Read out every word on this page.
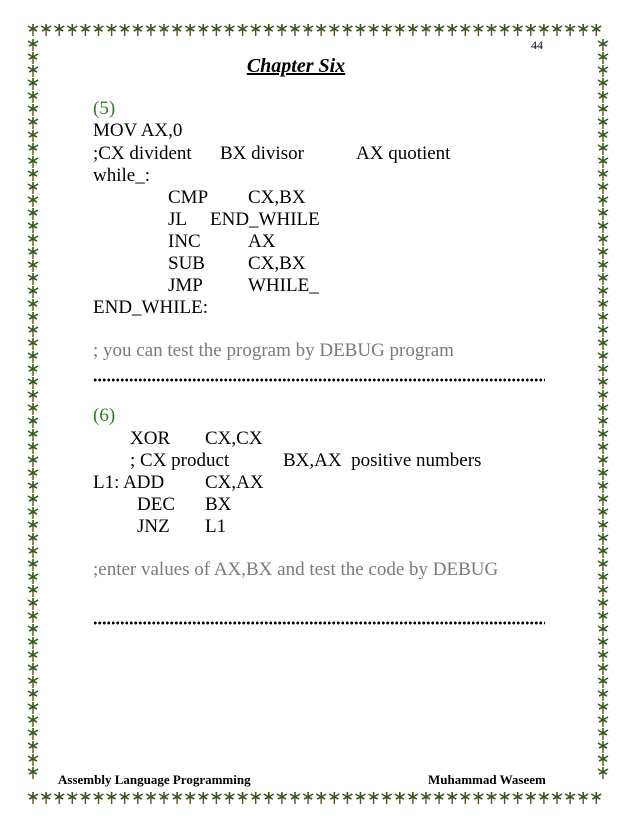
44
Chapter Six
(5)
MOV AX,0
;CX divident BX divisor	AX quotient
while_:
CMP CX,BX
JL END_WHILE
INC AX
SUB CX,BX
JMP WHILE_
END_WHILE:
; you can test the program by DEBUG program
(6)
XOR CX,CX
; CX product	BX,AX  positive numbers
L1: ADD CX,AX
DEC BX
JNZ L1
;enter values of AX,BX and test the code by DEBUG
Assembly Language Programming	Muhammad Waseem
